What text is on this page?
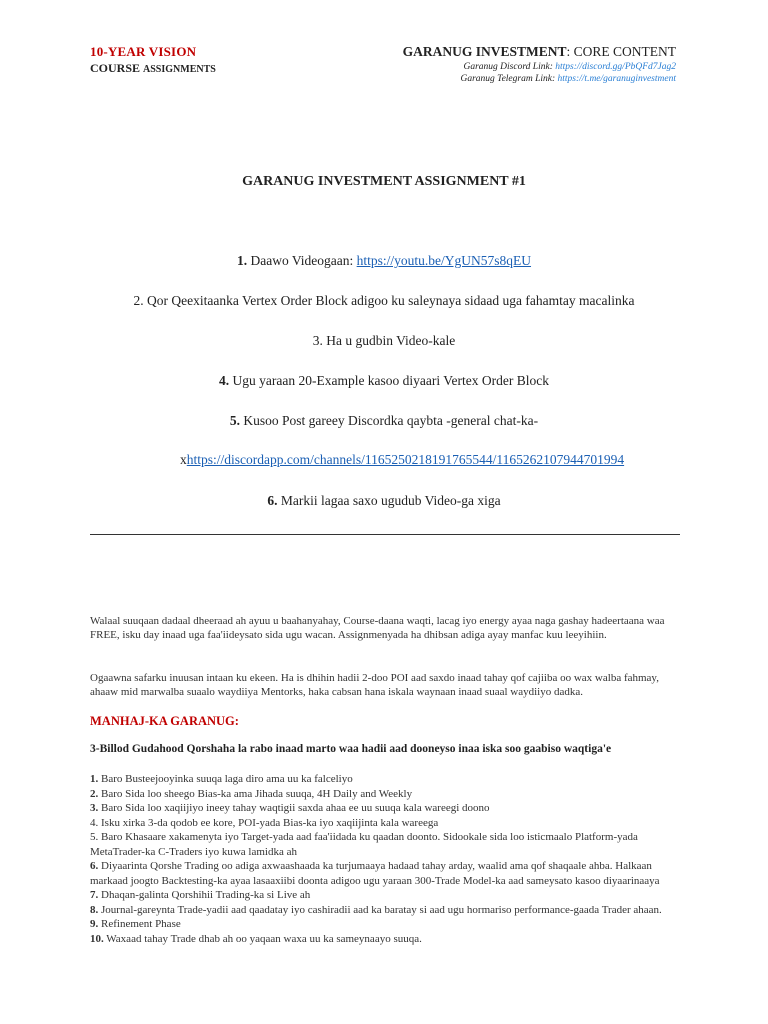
10-YEAR VISION
COURSE ASSIGNMENTS
GARANUG INVESTMENT: CORE CONTENT
Garanug Discord Link: https://discord.gg/PbQFd7Jag2
Garanug Telegram Link: https://t.me/garanuginvestment
GARANUG INVESTMENT ASSIGNMENT #1
1. Daawo Videogaan: https://youtu.be/YgUN57s8qEU
2. Qor Qeexitaanka Vertex Order Block adigoo ku saleynaya sidaad uga fahamtay macalinka
3. Ha u gudbin Video-kale
4. Ugu yaraan 20-Example kasoo diyaari Vertex Order Block
5. Kusoo Post gareey Discordka qaybta -general chat-ka-
xhttps://discordapp.com/channels/1165250218191765544/1165262107944701994
6. Markii lagaa saxo ugudub Video-ga xiga
Walaal suuqaan dadaal dheeraad ah ayuu u baahanyahay, Course-daana waqti, lacag iyo energy ayaa naga gashay hadeertaana waa FREE, isku day inaad uga faa'iideysato sida ugu wacan. Assignmenyada ha dhibsan adiga ayay manfac kuu leeyihiin.
Ogaawna safarku inuusan intaan ku ekeen. Ha is dhihin hadii 2-doo POI aad saxdo inaad tahay qof cajiiba oo wax walba fahmay, ahaaw mid marwalba suaalo waydiiya Mentorks, haka cabsan hana iskala waynaan inaad suaal waydiiyo dadka.
MANHAJ-KA GARANUG:
3-Billod Gudahood Qorshaha la rabo inaad marto waa hadii aad dooneyso inaa iska soo gaabiso waqtiga'e
1. Baro Busteejooyinka suuqa laga diro ama uu ka falceliyo
2. Baro Sida loo sheego Bias-ka ama Jihada suuqa, 4H Daily and Weekly
3. Baro Sida loo xaqiijiyo ineey tahay waqtigii saxda ahaa ee uu suuqa kala wareegi doono
4. Isku xirka 3-da qodob ee kore, POI-yada Bias-ka iyo xaqiijinta kala wareega
5. Baro Khasaare xakamenyta iyo Target-yada aad faa'iidada ku qaadan doonto. Sidookale sida loo isticmaalo Platform-yada MetaTrader-ka C-Traders iyo kuwa lamidka ah
6. Diyaarinta Qorshe Trading oo adiga axwaashaada ka turjumaaya hadaad tahay arday, waalid ama qof shaqaale ahba. Halkaan markaad joogto Backtesting-ka ayaa lasaaxiibi doonta adigoo ugu yaraan 300-Trade Model-ka aad sameysato kasoo diyaarinaaya
7. Dhaqan-galinta Qorshihii Trading-ka si Live ah
8. Journal-gareynta Trade-yadii aad qaadatay iyo cashiradii aad ka baratay si aad ugu hormariso performance-gaada Trader ahaan.
9. Refinement Phase
10. Waxaad tahay Trade dhab ah oo yaqaan waxa uu ka sameynaayo suuqa.
